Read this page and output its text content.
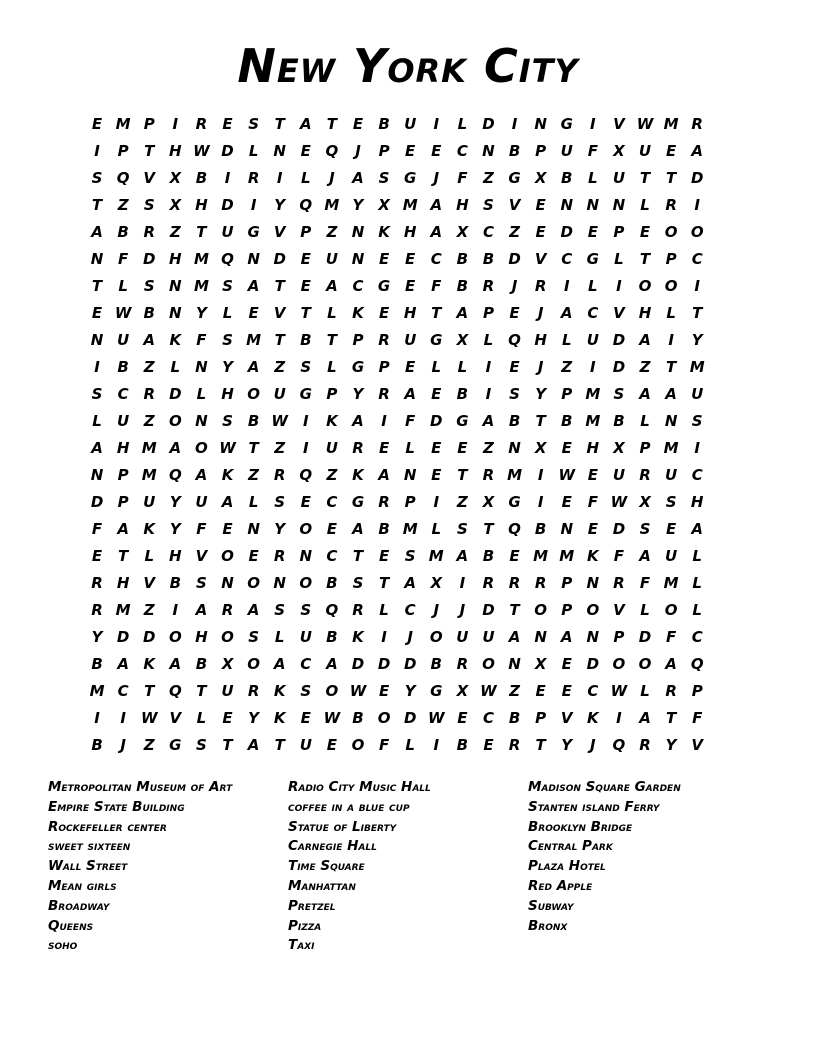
New York City
E M P	I	R	E	S	T	A	T	E	B U	I	L	D	I	N G	I	V W M R
I	P	T H W D	L	N E Q	J	P	E	E	C N B P U F	X U E	A
S Q V X B	I	R	I	L	J	A S G	J	F	Z G X B	L	U T	T D
T	Z	S X H D	I	Y Q M Y X M A H S V	E N N N	L	R	I
A B R Z	T U G V P	Z N K H A X C	Z	E D E	P	E O O
N F D H M Q N D E U N E	E	C B B D V C G	L	T	P	C
T	L	S N M S A	T	E	A C G E	F	B R	J	R	I	L	I	O O	I
E W B N Y	L	E	V	T	L	K	E H T	A P	E	J	A C V H	L	T
N U A K	F	S M T	B	T	P R U G X	L Q H	L	U D A	I	Y
I	B Z	L	N Y A Z	S	L	G P	E	L	L	I	E	J	Z	I	D Z	T M
S	C R D	L	H O U G P	Y R A	E	B	I	S	Y	P M S A A U
L	U Z O N S B W	I	K A	I	F D G A B	T	B M B	L	N S
A H M A O W T	Z	I	U R	E	L	E	E	Z N X	E H X P M	I
N P M Q A K Z R Q Z K A N E	T	R M	I	W E U R U C
D P U Y U A	L	S	E	C G R P	I	Z X G	I	E	F W X S H
F	A K Y	F	E N Y O E	A B M L	S	T Q B N E D S	E	A
E	T	L	H V O E	R N C	T	E	S M A B	E M M K	F	A U	L
R H V B S N O N O B S	T	A X	I	R R R P N R	F M L
R M Z	I	A R A S	S Q R	L	C	J	J	D T O P O V	L O L
Y D D O H O S	L	U B K	I	J	O U U A N A N P D F	C
B A K A B X O A C A D D D B R O N X	E D O O A Q
M C	T Q T U R K S O W E	Y G X W Z	E	E	C W L	R P
I	I	W V	L	E	Y K	E W B O D W E	C B P V K	I	A	T	F
B	J	Z G S	T	A	T U E O F	L	I	B	E	R	T	Y	J	Q R Y V
Metropolitan Museum of Art
Empire State Building
Rockefeller center
sweet sixteen
Wall Street
Mean girls
Broadway
Queens
soho
Radio City Music Hall
coffee in a blue cup
Statue of Liberty
Carnegie Hall
Time Square
Manhattan
Pretzel
Pizza
Taxi
Madison Square Garden
Stanten island Ferry
Brooklyn Bridge
Central Park
Plaza Hotel
Red Apple
Subway
Bronx
